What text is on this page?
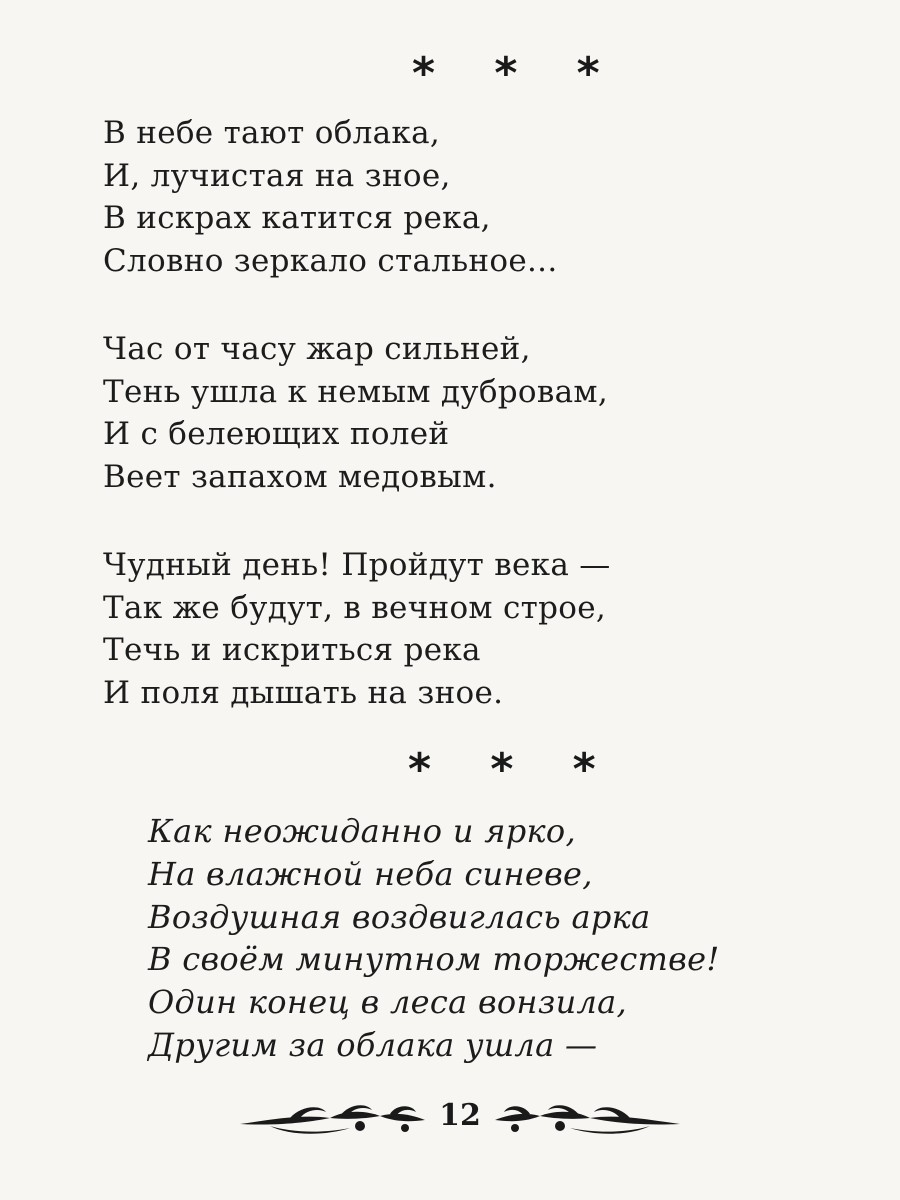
* * *
В небе тают облака,
И, лучистая на зное,
В искрах катится река,
Словно зеркало стальное...
Час от часу жар сильней,
Тень ушла к немым дубровам,
И с белеющих полей
Веет запахом медовым.
Чудный день! Пройдут века —
Так же будут, в вечном строе,
Течь и искриться река
И поля дышать на зное.
* * *
Как неожиданно и ярко,
На влажной неба синеве,
Воздушная воздвиглась арка
В своём минутном торжестве!
Один конец в леса вонзила,
Другим за облака ушла —
12
